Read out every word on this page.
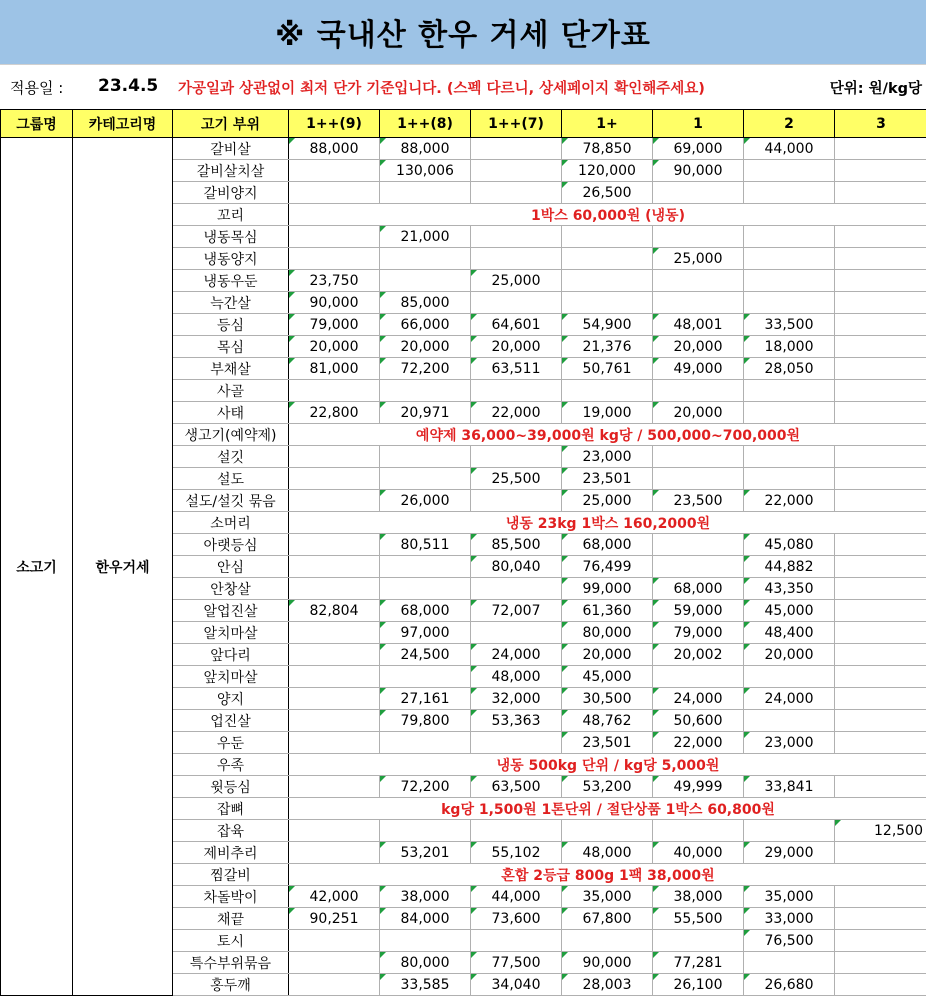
※ 국내산 한우 거세 단가표
적용일 : 23.4.5 가공일과 상관없이 최저 단가 기준입니다. (스펙 다르니, 상세페이지 확인해주세요)	단위: 원/kg당
그룹명	카테고리명	고기 부위	1++(9)	1++(8)	1++(7)	1+	1	2	3
소고기	한우거세	갈비살	88,000	88,000		78,850	69,000	44,000	
		갈비살치살		130,006		120,000	90,000		
		갈비양지				26,500			
		꼬리	1박스 60,000원 (냉동)						
		냉동목심		21,000					
		냉동양지					25,000		
		냉동우둔	23,750		25,000				
		늑간살	90,000	85,000					
		등심	79,000	66,000	64,601	54,900	48,001	33,500	
		목심	20,000	20,000	20,000	21,376	20,000	18,000	
		부채살	81,000	72,200	63,511	50,761	49,000	28,050	
		사골							
		사태	22,800	20,971	22,000	19,000	20,000		
		생고기(예약제)	예약제 36,000~39,000원 kg당 / 500,000~700,000원						
		설깃				23,000			
		설도			25,500	23,501			
		설도/설깃 묶음		26,000		25,000	23,500	22,000	
		소머리	냉동 23kg 1박스 160,2000원						
		아랫등심		80,511	85,500	68,000		45,080	
		안심			80,040	76,499		44,882	
		안창살				99,000	68,000	43,350	
		알업진살	82,804	68,000	72,007	61,360	59,000	45,000	
		알치마살		97,000		80,000	79,000	48,400	
		앞다리		24,500	24,000	20,000	20,002	20,000	
		앞치마살			48,000	45,000			
		양지		27,161	32,000	30,500	24,000	24,000	
		업진살		79,800	53,363	48,762	50,600		
		우둔				23,501	22,000	23,000	
		우족	냉동 500kg 단위 / kg당 5,000원						
		윗등심		72,200	63,500	53,200	49,999	33,841	
		잡뼈	kg당 1,500원 1톤단위 / 절단상품 1박스 60,800원						
		잡육							12,500
		제비추리		53,201	55,102	48,000	40,000	29,000	
		찜갈비	혼합 2등급 800g 1팩 38,000원						
		차돌박이	42,000	38,000	44,000	35,000	38,000	35,000	
		채끝	90,251	84,000	73,600	67,800	55,500	33,000	
		토시						76,500	
		특수부위묶음		80,000	77,500	90,000	77,281		
		홍두깨		33,585	34,040	28,003	26,100	26,680	
